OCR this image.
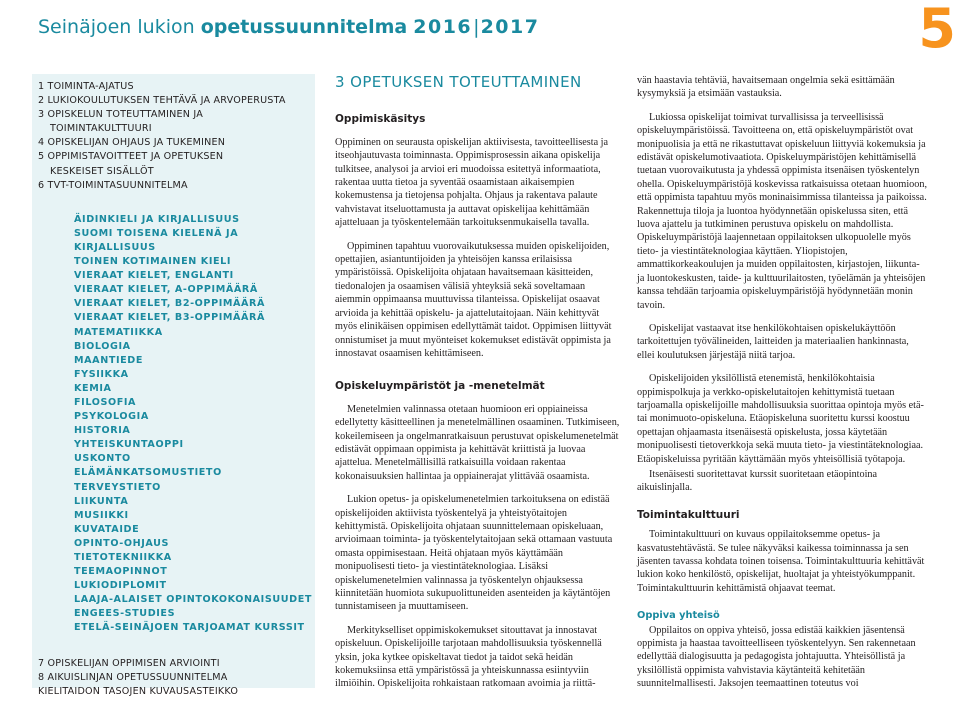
Seinäjoen lukion opetussuunnitelma 2016|2017	5
1 TOIMINTA-AJATUS
2 LUKIOKOULUTUKSEN TEHTÄVÄ JA ARVOPERUSTA
3 OPISKELUN TOTEUTTAMINEN JA
TOIMINTAKULTTUURI
4 OPISKELIJAN OHJAUS JA TUKEMINEN
5 OPPIMISTAVOITTEET JA OPETUKSEN
KESKEISET SISÄLLÖT
6 TVT-TOIMINTASUUNNITELMA
ÄIDINKIELI JA KIRJALLISUUS
SUOMI TOISENA KIELENÄ JA KIRJALLISUUS
TOINEN KOTIMAINEN KIELI
VIERAAT KIELET, ENGLANTI
VIERAAT KIELET, A-OPPIMÄÄRÄ
VIERAAT KIELET, B2-OPPIMÄÄRÄ
VIERAAT KIELET, B3-OPPIMÄÄRÄ
MATEMATIIKKA
BIOLOGIA
MAANTIEDE
FYSIIKKA
KEMIA
FILOSOFIA
PSYKOLOGIA
HISTORIA
YHTEISKUNTAOPPI
USKONTO
ELÄMÄNKATSOMUSTIETO
TERVEYSTIETO
LIIKUNTA
MUSIIKKI
KUVATAIDE
OPINTO-OHJAUS
TIETOTEKNIIKKA
TEEMAOPINNOT
LUKIODIPLOMIT
LAAJA-ALAISET OPINTOKOKONAISUUDET
ENGEES-STUDIES
ETELÄ-SEINÄJOEN TARJOAMAT KURSSIT
7 OPISKELIJAN OPPIMISEN ARVIOINTI
8 AIKUISLINJAN OPETUSSUUNNITELMA
KIELITAIDON TASOJEN KUVAUSASTEIKKO
3 OPETUKSEN TOTEUTTAMINEN
Oppimiskäsitys

Oppiminen on seurausta opiskelijan aktiivisesta, tavoitteellisesta ja itseohjautuvasta toiminnasta. Oppimisprosessin aikana opiskelija tulkitsee, analysoi ja arvioi eri muodoissa esitettyä informaatiota, rakentaa uutta tietoa ja syventää osaamistaan aikaisempien kokemustensa ja tietojensa pohjalta. Ohjaus ja rakentava palaute vahvistavat itseluottamusta ja auttavat opiskelijaa kehittämään ajatteluaan ja työskentelemään tarkoituksenmukaisella tavalla.

Oppiminen tapahtuu vuorovaikutuksessa muiden opiskelijoiden, opettajien, asiantuntijoiden ja yhteisöjen kanssa erilaisissa ympäristöissä. Opiskelijoita ohjataan havaitsemaan käsitteiden, tiedonalojen ja osaamisen välisiä yhteyksiä sekä soveltamaan aiemmin oppimaansa muuttuvissa tilanteissa. Opiskelijat osaavat arvioida ja kehittää opiskelu- ja ajattelutaitojaan. Näin kehittyvät myös elinikäisen oppimisen edellyttämät taidot. Oppimisen liittyvät onnistumiset ja muut myönteiset kokemukset edistävät oppimista ja innostavat osaamisen kehittämiseen.

Opiskeluympäristöt ja -menetelmät

Menetelmien valinnassa otetaan huomioon eri oppiaineissa edellytetty käsitteellinen ja menetelmällinen osaaminen. Tutkimiseen, kokeilemiseen ja ongelmanratkaisuun perustuvat opiskelumenetelmät edistävät oppimaan oppimista ja kehittävät kriittistä ja luovaa ajattelua. Menetelmällisillä ratkaisuilla voidaan rakentaa kokonaisuuksien hallintaa ja oppiainerajat ylittävää osaamista.

Lukion opetus- ja opiskelumenetelmien tarkoituksena on edistää opiskelijoiden aktiivista työskentelyä ja yhteistyötaitojen kehittymistä. Opiskelijoita ohjataan suunnittelemaan opiskeluaan, arvioimaan toiminta- ja työskentelytaitojaan sekä ottamaan vastuuta omasta oppimisestaan. Heitä ohjataan myös käyttämään monipuolisesti tieto- ja viestintäteknologiaa. Lisäksi opiskelumenetelmien valinnassa ja työskentelyn ohjauksessa kiinnitetään huomiota sukupuolittuneiden asenteiden ja käytäntöjen tunnistamiseen ja muuttamiseen.

Merkitykselliset oppimiskokemukset sitouttavat ja innostavat opiskeluun. Opiskelijoille tarjotaan mahdollisuuksia työskennellä yksin, joka kytkee opiskeltavat tiedot ja taidot sekä heidän kokemuksiinsa että ympäristössä ja yhteiskunnassa esiintyviin ilmiöihin. Opiskelijoita rohkaistaan ratkomaan avoimia ja riittä-

vän haastavia tehtäviä, havaitsemaan ongelmia sekä esittämään kysymyksiä ja etsimään vastauksia.

Lukiossa opiskelijat toimivat turvallisissa ja terveellisissä opiskeluympäristöissä. Tavoitteena on, että opiskeluympäristöt ovat monipuolisia ja että ne rikastuttavat opiskeluun liittyviä kokemuksia ja edistävät opiskelumotivaatiota. Opiskeluympäristöjen kehittämisellä tuetaan vuorovaikutusta ja yhdessä oppimista itsenäisen työskentelyn ohella. Opiskeluympäristöjä koskevissa ratkaisuissa otetaan huomioon, että oppimista tapahtuu myös moninaisimmissa tilanteissa ja paikoissa. Rakennettuja tiloja ja luontoa hyödynnetään opiskelussa siten, että luova ajattelu ja tutkiminen perustuva opiskelu on mahdollista. Opiskeluympäristöjä laajennetaan oppilaitoksen ulkopuolelle myös tieto- ja viestintäteknologiaa käyttäen. Yliopistojen, ammattikorkeakoulujen ja muiden oppilaitosten, kirjastojen, liikunta- ja luontokeskusten, taide- ja kulttuurilaitosten, työelämän ja yhteisöjen kanssa tehdään tarjoamia opiskeluympäristöjä hyödynnetään monin tavoin.

Opiskelijat vastaavat itse henkilökohtaisen opiskelukäyttöön tarkoitettujen työvälineiden, laitteiden ja materiaalien hankinnasta, ellei koulutuksen järjestäjä niitä tarjoa.

Opiskelijoiden yksilöllistä etenemistä, henkilökohtaisia oppimispolkuja ja verkko-opiskelutaitojen kehittymistä tuetaan tarjoamalla opiskelijoille mahdollisuuksia suorittaa opintoja myös etä- tai monimuoto-opiskeluna. Etäopiskeluna suoritettu kurssi koostuu opettajan ohjaamasta itsenäisestä opiskelusta, jossa käytetään monipuolisesti tietoverkkoja sekä muuta tieto- ja viestintäteknologiaa. Etäopiskeluissa pyritään käyttämään myös yhteisöllisiä työtapoja.

Itsenäisesti suoritettavat kurssit suoritetaan etäopintoina aikuislinjalla.

Toimintakulttuuri

Toimintakulttuuri on kuvaus oppilaitoksemme opetus- ja kasvatustehtävästä. Se tulee näkyväksi kaikessa toiminnassa ja sen jäsenten tavassa kohdata toinen toisensa. Toimintakulttuuria kehittävät lukion koko henkilöstö, opiskelijat, huoltajat ja yhteistyökumppanit. Toimintakulttuurin kehittämistä ohjaavat teemat.

Oppiva yhteisö

Oppilaitos on oppiva yhteisö, jossa edistää kaikkien jäsentensä oppimista ja haastaa tavoitteelliseen työskentelyyn. Sen rakennetaan edellyttää dialogisuutta ja pedagogista johtajuutta. Yhteisöllistä ja yksilöllistä oppimista vahvistavia käytänteitä kehitetään suunnitelmallisesti. Jaksojen teemaattinen toteutus voi
